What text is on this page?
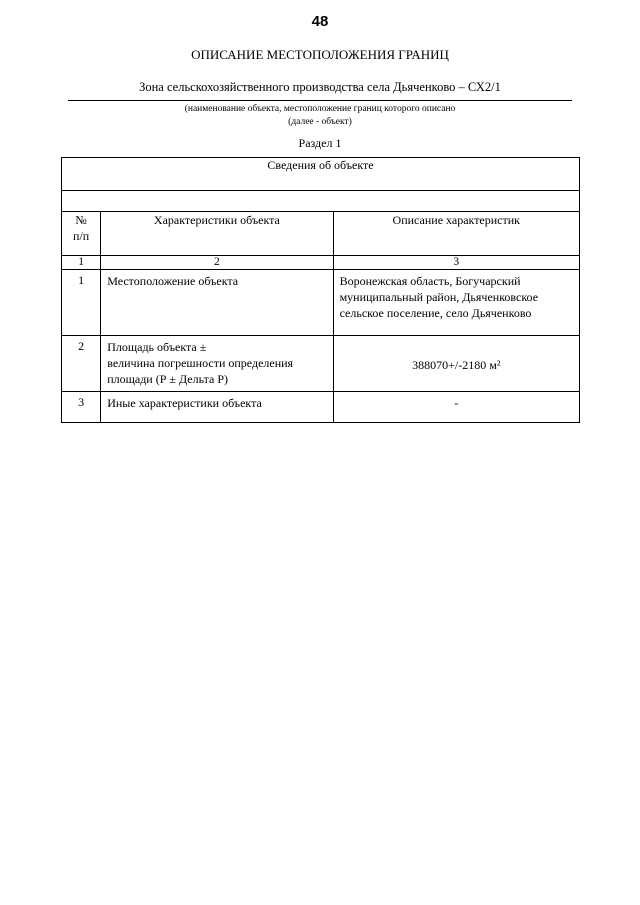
48
ОПИСАНИЕ МЕСТОПОЛОЖЕНИЯ ГРАНИЦ
Зона сельскохозяйственного производства села Дьяченково – СХ2/1
(наименование объекта, местоположение границ которого описано
(далее - объект)
Раздел 1
Сведения об объекте		

№
п/п	Характеристики объекта	Описание характеристик
1	2	3
1	Местоположение объекта	Воронежская область, Богучарский муниципальный район, Дьяченковское сельское поселение, село Дьяченково
2	Площадь объекта ±
величина погрешности определения
площади (Р ± Дельта Р)	388070+/-2180 м²
3	Иные характеристики объекта	-
